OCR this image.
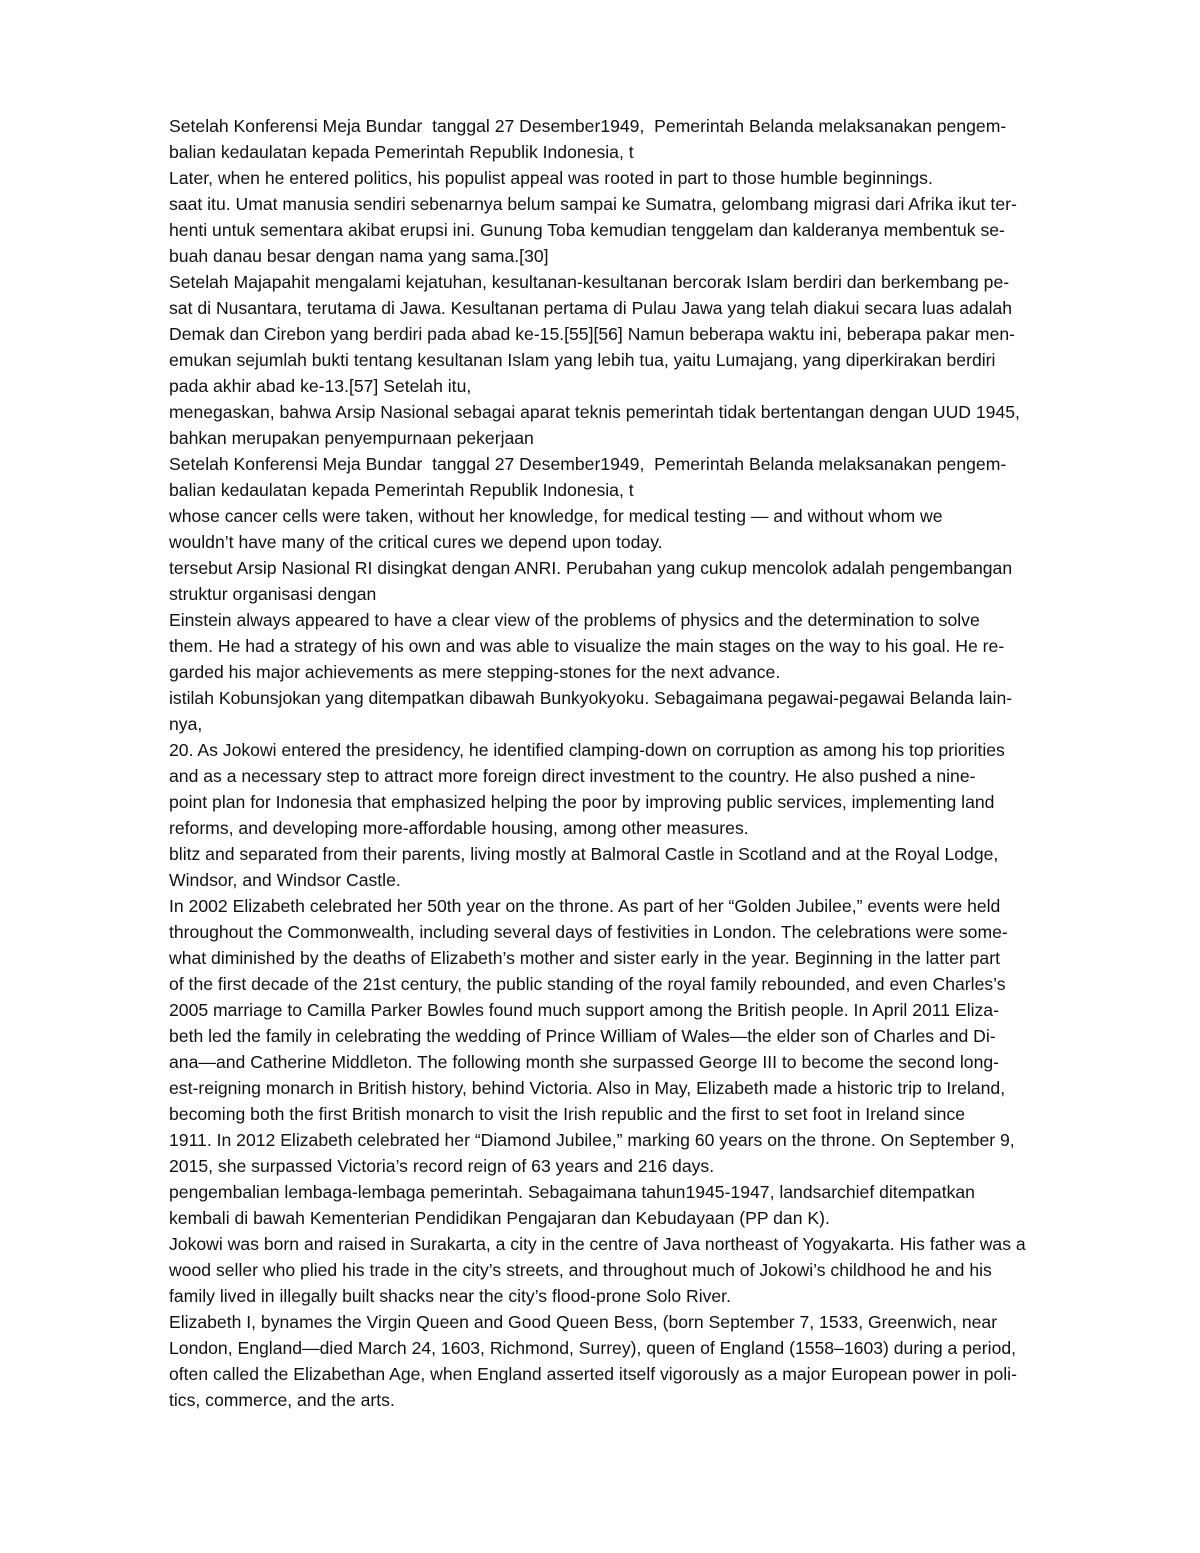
Setelah Konferensi Meja Bundar  tanggal 27 Desember1949,  Pemerintah Belanda melaksanakan pengem-
balian kedaulatan kepada Pemerintah Republik Indonesia, t
Later, when he entered politics, his populist appeal was rooted in part to those humble beginnings.
saat itu. Umat manusia sendiri sebenarnya belum sampai ke Sumatra, gelombang migrasi dari Afrika ikut ter-
henti untuk sementara akibat erupsi ini. Gunung Toba kemudian tenggelam dan kalderanya membentuk se-
buah danau besar dengan nama yang sama.[30]
Setelah Majapahit mengalami kejatuhan, kesultanan-kesultanan bercorak Islam berdiri dan berkembang pe-
sat di Nusantara, terutama di Jawa. Kesultanan pertama di Pulau Jawa yang telah diakui secara luas adalah
Demak dan Cirebon yang berdiri pada abad ke-15.[55][56] Namun beberapa waktu ini, beberapa pakar men-
emukan sejumlah bukti tentang kesultanan Islam yang lebih tua, yaitu Lumajang, yang diperkirakan berdiri
pada akhir abad ke-13.[57] Setelah itu,
menegaskan, bahwa Arsip Nasional sebagai aparat teknis pemerintah tidak bertentangan dengan UUD 1945,
bahkan merupakan penyempurnaan pekerjaan
Setelah Konferensi Meja Bundar  tanggal 27 Desember1949,  Pemerintah Belanda melaksanakan pengem-
balian kedaulatan kepada Pemerintah Republik Indonesia, t
whose cancer cells were taken, without her knowledge, for medical testing — and without whom we
wouldn’t have many of the critical cures we depend upon today.
tersebut Arsip Nasional RI disingkat dengan ANRI. Perubahan yang cukup mencolok adalah pengembangan
struktur organisasi dengan
Einstein always appeared to have a clear view of the problems of physics and the determination to solve
them. He had a strategy of his own and was able to visualize the main stages on the way to his goal. He re-
garded his major achievements as mere stepping-stones for the next advance.
istilah Kobunsjokan yang ditempatkan dibawah Bunkyokyoku. Sebagaimana pegawai-pegawai Belanda lain-
nya,
20. As Jokowi entered the presidency, he identified clamping-down on corruption as among his top priorities
and as a necessary step to attract more foreign direct investment to the country. He also pushed a nine-
point plan for Indonesia that emphasized helping the poor by improving public services, implementing land
reforms, and developing more-affordable housing, among other measures.
blitz and separated from their parents, living mostly at Balmoral Castle in Scotland and at the Royal Lodge,
Windsor, and Windsor Castle.
In 2002 Elizabeth celebrated her 50th year on the throne. As part of her “Golden Jubilee,” events were held
throughout the Commonwealth, including several days of festivities in London. The celebrations were some-
what diminished by the deaths of Elizabeth’s mother and sister early in the year. Beginning in the latter part
of the first decade of the 21st century, the public standing of the royal family rebounded, and even Charles’s
2005 marriage to Camilla Parker Bowles found much support among the British people. In April 2011 Eliza-
beth led the family in celebrating the wedding of Prince William of Wales—the elder son of Charles and Di-
ana—and Catherine Middleton. The following month she surpassed George III to become the second long-
est-reigning monarch in British history, behind Victoria. Also in May, Elizabeth made a historic trip to Ireland,
becoming both the first British monarch to visit the Irish republic and the first to set foot in Ireland since
1911. In 2012 Elizabeth celebrated her “Diamond Jubilee,” marking 60 years on the throne. On September 9,
2015, she surpassed Victoria’s record reign of 63 years and 216 days.
pengembalian lembaga-lembaga pemerintah. Sebagaimana tahun1945-1947, landsarchief ditempatkan
kembali di bawah Kementerian Pendidikan Pengajaran dan Kebudayaan (PP dan K).
Jokowi was born and raised in Surakarta, a city in the centre of Java northeast of Yogyakarta. His father was a
wood seller who plied his trade in the city’s streets, and throughout much of Jokowi’s childhood he and his
family lived in illegally built shacks near the city’s flood-prone Solo River.
Elizabeth I, bynames the Virgin Queen and Good Queen Bess, (born September 7, 1533, Greenwich, near
London, England—died March 24, 1603, Richmond, Surrey), queen of England (1558–1603) during a period,
often called the Elizabethan Age, when England asserted itself vigorously as a major European power in poli-
tics, commerce, and the arts.
